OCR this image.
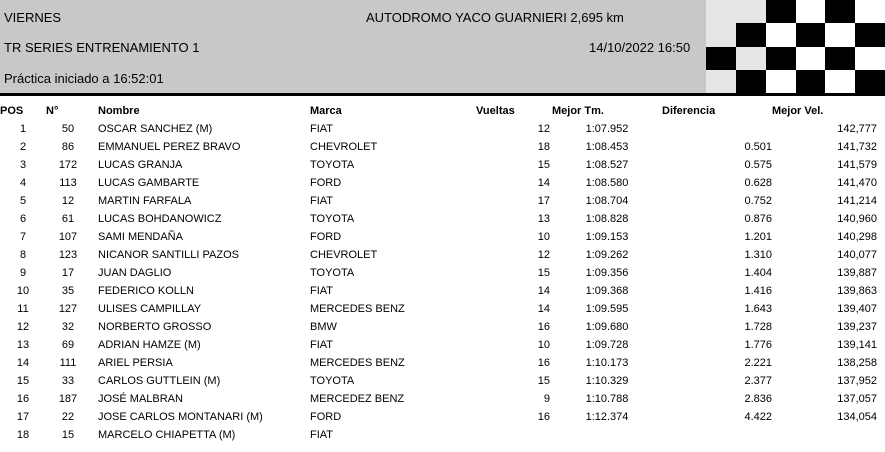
VIERNES	AUTODROMO YACO GUARNIERI 2,695 km
TR SERIES ENTRENAMIENTO 1	14/10/2022 16:50
Práctica iniciado a 16:52:01
POS	N°	Nombre	Marca	Vueltas	Mejor Tm.	Diferencia	Mejor Vel.
1	50	OSCAR SANCHEZ (M)	FIAT	12	1:07.952		142,777
2	86	EMMANUEL PEREZ BRAVO	CHEVROLET	18	1:08.453	0.501	141,732
3	172	LUCAS GRANJA	TOYOTA	15	1:08.527	0.575	141,579
4	113	LUCAS GAMBARTE	FORD	14	1:08.580	0.628	141,470
5	12	MARTIN FARFALA	FIAT	17	1:08.704	0.752	141,214
6	61	LUCAS BOHDANOWICZ	TOYOTA	13	1:08.828	0.876	140,960
7	107	SAMI MENDAÑA	FORD	10	1:09.153	1.201	140,298
8	123	NICANOR SANTILLI PAZOS	CHEVROLET	12	1:09.262	1.310	140,077
9	17	JUAN DAGLIO	TOYOTA	15	1:09.356	1.404	139,887
10	35	FEDERICO KOLLN	FIAT	14	1:09.368	1.416	139,863
11	127	ULISES CAMPILLAY	MERCEDES BENZ	14	1:09.595	1.643	139,407
12	32	NORBERTO GROSSO	BMW	16	1:09.680	1.728	139,237
13	69	ADRIAN HAMZE (M)	FIAT	10	1:09.728	1.776	139,141
14	111	ARIEL PERSIA	MERCEDES BENZ	16	1:10.173	2.221	138,258
15	33	CARLOS GUTTLEIN (M)	TOYOTA	15	1:10.329	2.377	137,952
16	187	JOSÉ MALBRAN	MERCEDEZ BENZ	9	1:10.788	2.836	137,057
17	22	JOSE CARLOS MONTANARI (M)	FORD	16	1:12.374	4.422	134,054
18	15	MARCELO CHIAPETTA (M)	FIAT				
